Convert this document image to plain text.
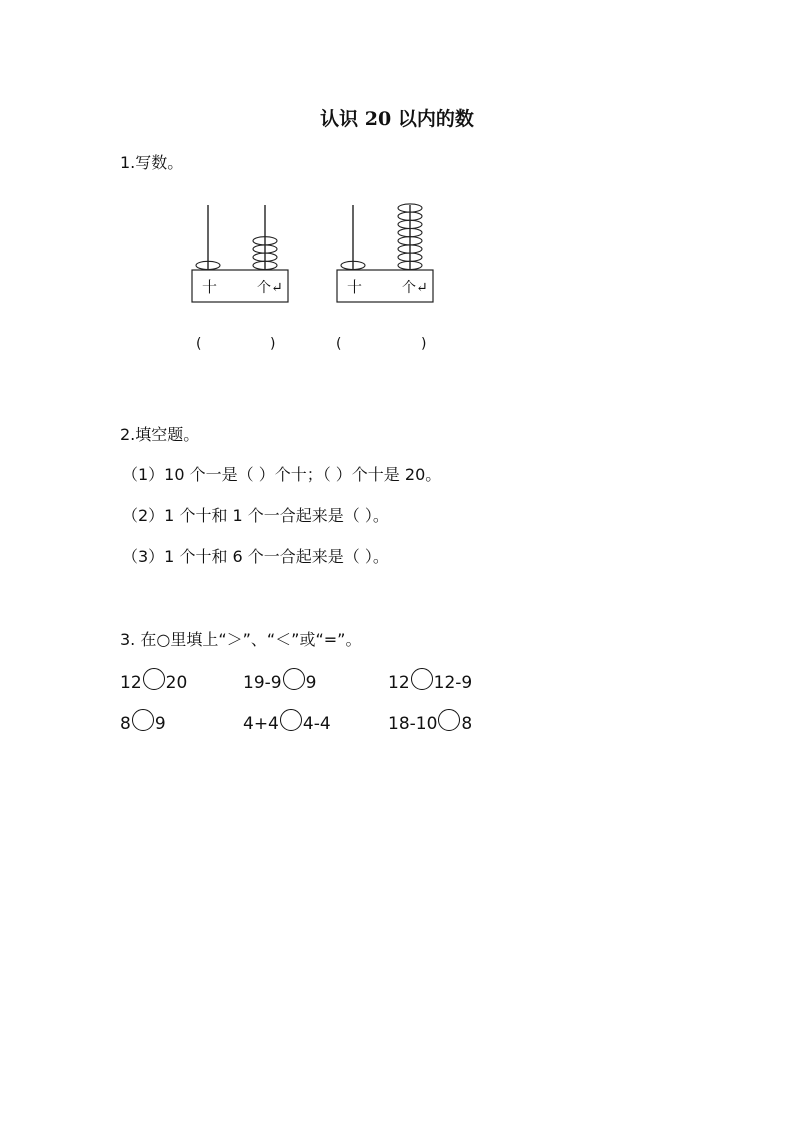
认识 20 以内的数
1.写数。
十	个↵	十	个↵
(	)	(	)
2.填空题。
（1）10 个一是（ ）个十；（ ）个十是 20。
（2）1 个十和 1 个一合起来是（ ）。
（3）1 个十和 6 个一合起来是（ ）。
3. 在○里填上“＞”、“＜”或“=”。
12 20	19-9 9	12 12-9
8 9	4+4 4-4	18-10 8
